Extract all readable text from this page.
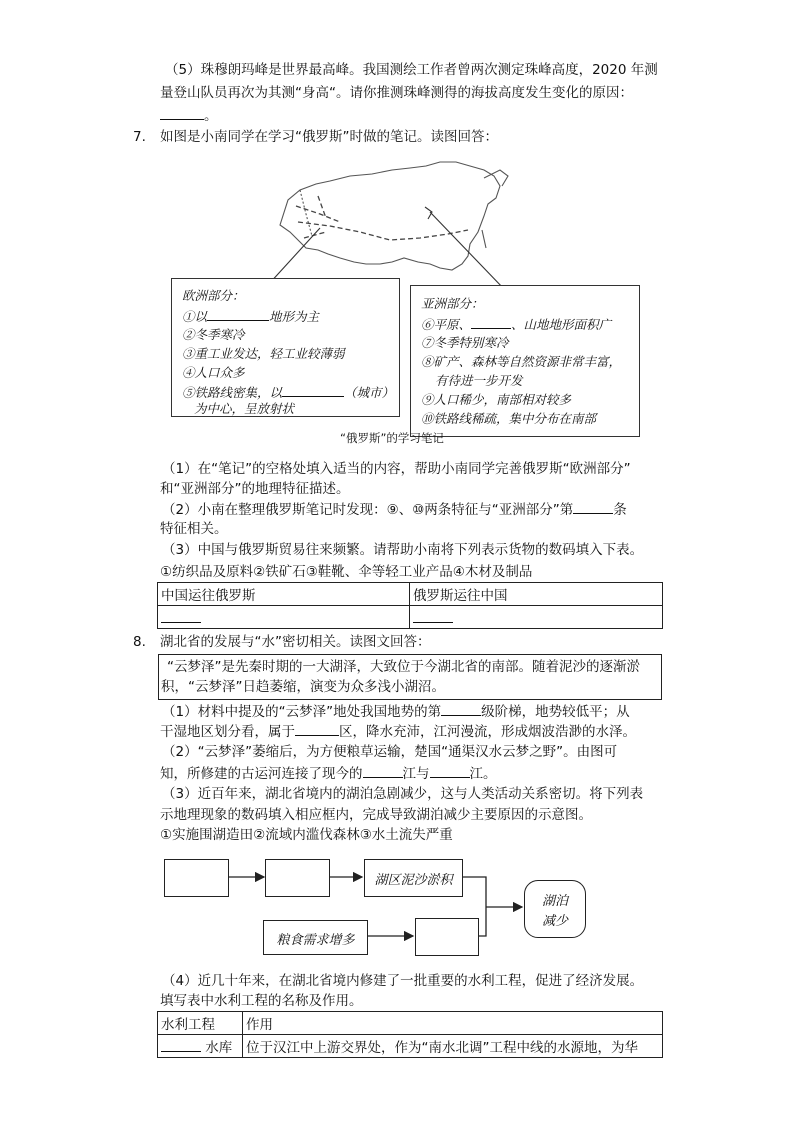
（5）珠穆朗玛峰是世界最高峰。我国测绘工作者曾两次测定珠峰高度，2020 年测
量登山队员再次为其测“身高“。请你推测珠峰测得的海拔高度发生变化的原因：
。
7. 如图是小南同学在学习“俄罗斯”时做的笔记。读图回答：
欧洲部分：
①以	地形为主
②冬季寒冷
③重工业发达，轻工业较薄弱
④人口众多
⑤铁路线密集，以	（城市）
为中心，呈放射状
亚洲部分：
⑥平原、	、山地地形面积广
⑦冬季特别寒冷
⑧矿产、森林等自然资源非常丰富，
有待进一步开发
⑨人口稀少，南部相对较多
⑩铁路线稀疏，集中分布在南部
“俄罗斯”的学习笔记
（1）在“笔记”的空格处填入适当的内容，帮助小南同学完善俄罗斯“欧洲部分”
和“亚洲部分”的地理特征描述。
（2）小南在整理俄罗斯笔记时发现：⑨、⑩两条特征与“亚洲部分”第	条
特征相关。
（3）中国与俄罗斯贸易往来频繁。请帮助小南将下列表示货物的数码填入下表。
①纺织品及原料②铁矿石③鞋靴、伞等轻工业产品④木材及制品
中国运往俄罗斯	俄罗斯运往中国

8. 湖北省的发展与“水”密切相关。读图文回答：
“云梦泽”是先秦时期的一大湖泽，大致位于今湖北省的南部。随着泥沙的逐渐淤
积，“云梦泽”日趋萎缩，演变为众多浅小湖沼。
（1）材料中提及的“云梦泽”地处我国地势的第	级阶梯，地势较低平；从
干湿地区划分看，属于	区，降水充沛，江河漫流，形成烟波浩渺的水泽。
（2）“云梦泽”萎缩后，为方便粮草运输，楚国“通渠汉水云梦之野”。由图可
知，所修建的古运河连接了现今的	江与	江。
（3）近百年来，湖北省境内的湖泊急剧减少，这与人类活动关系密切。将下列表
示地理现象的数码填入相应框内，完成导致湖泊减少主要原因的示意图。
①实施围湖造田②流域内滥伐森林③水土流失严重
湖区泥沙淤积
粮食需求增多
湖泊
减少
（4）近几十年来，在湖北省境内修建了一批重要的水利工程，促进了经济发展。
填写表中水利工程的名称及作用。
水利工程	作用
水库	位于汉江中上游交界处，作为“南水北调”工程中线的水源地，为华
